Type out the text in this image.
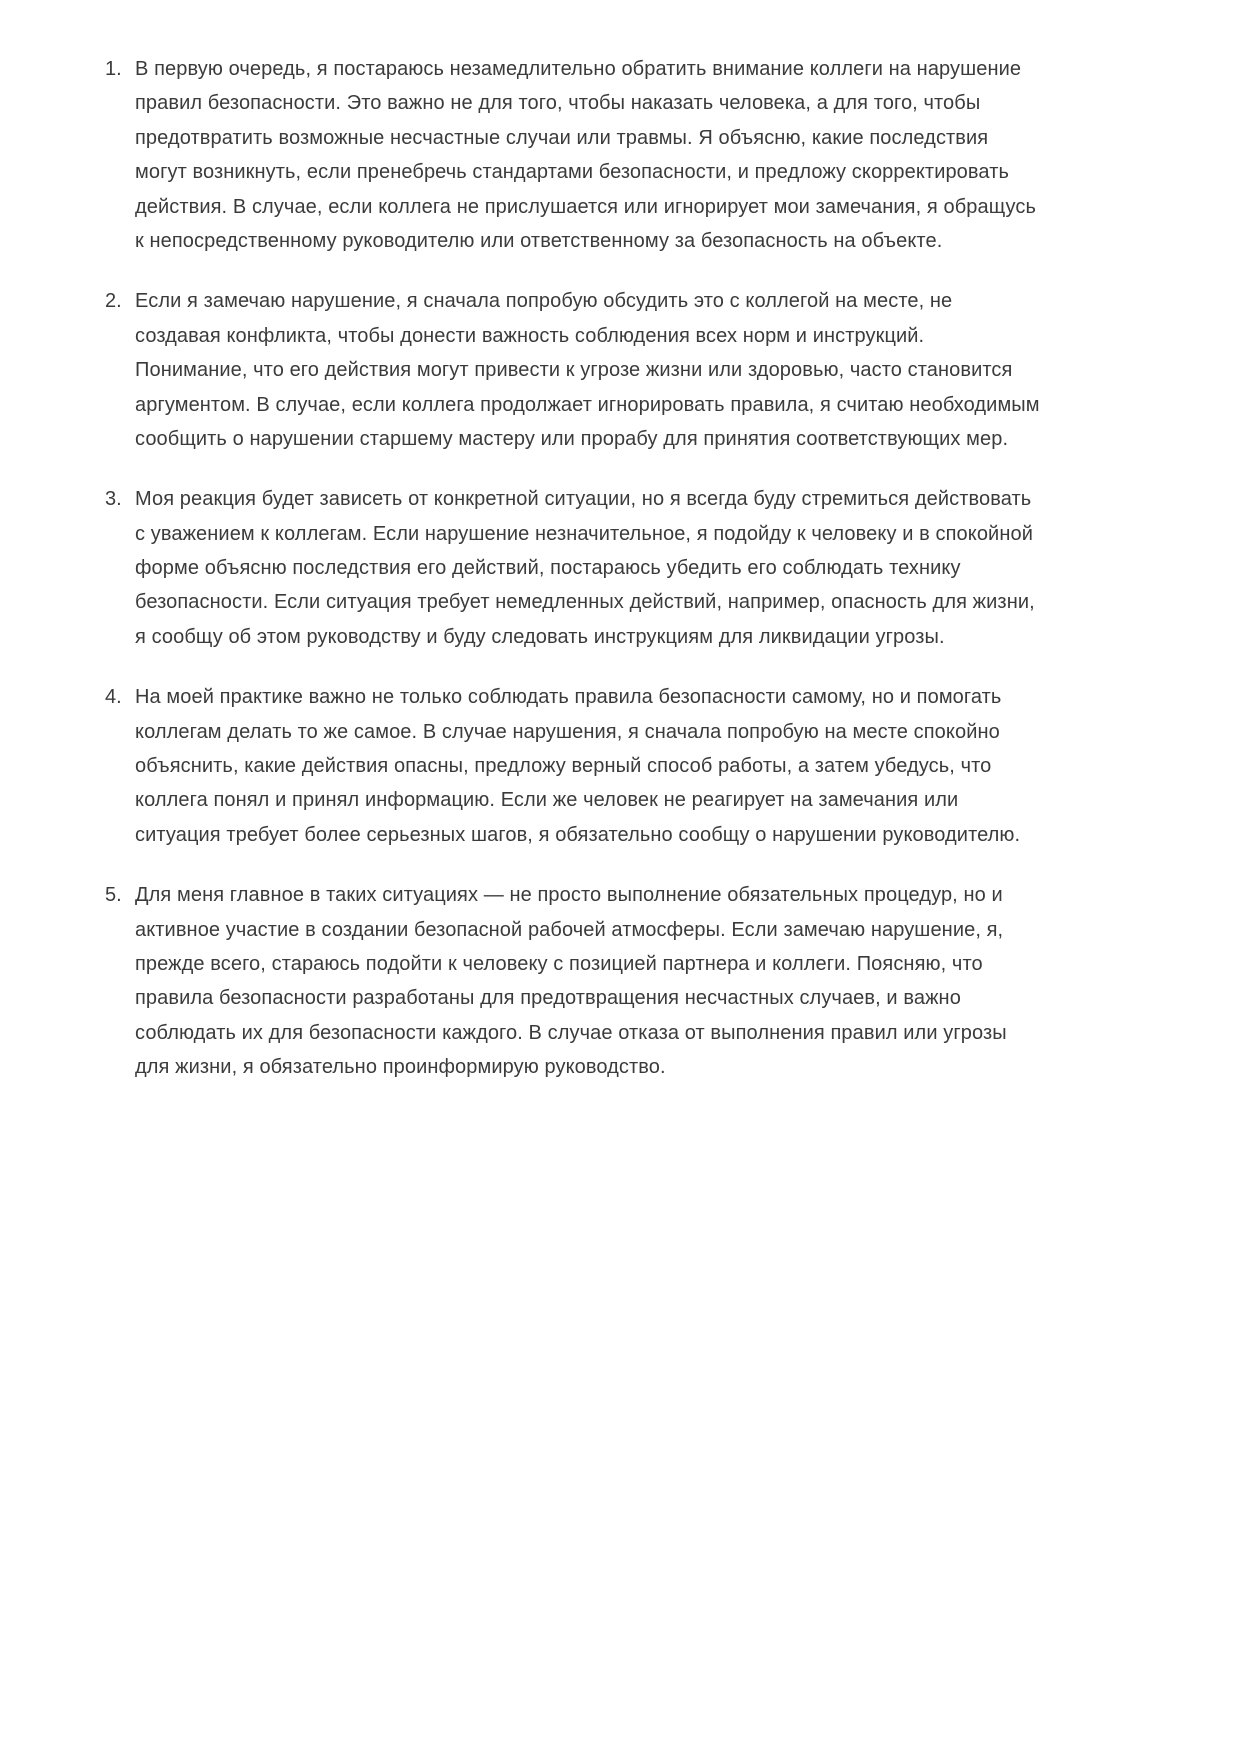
1. В первую очередь, я постараюсь незамедлительно обратить внимание коллеги на нарушение правил безопасности. Это важно не для того, чтобы наказать человека, а для того, чтобы предотвратить возможные несчастные случаи или травмы. Я объясню, какие последствия могут возникнуть, если пренебречь стандартами безопасности, и предложу скорректировать действия. В случае, если коллега не прислушается или игнорирует мои замечания, я обращусь к непосредственному руководителю или ответственному за безопасность на объекте.
2. Если я замечаю нарушение, я сначала попробую обсудить это с коллегой на месте, не создавая конфликта, чтобы донести важность соблюдения всех норм и инструкций. Понимание, что его действия могут привести к угрозе жизни или здоровью, часто становится аргументом. В случае, если коллега продолжает игнорировать правила, я считаю необходимым сообщить о нарушении старшему мастеру или прорабу для принятия соответствующих мер.
3. Моя реакция будет зависеть от конкретной ситуации, но я всегда буду стремиться действовать с уважением к коллегам. Если нарушение незначительное, я подойду к человеку и в спокойной форме объясню последствия его действий, постараюсь убедить его соблюдать технику безопасности. Если ситуация требует немедленных действий, например, опасность для жизни, я сообщу об этом руководству и буду следовать инструкциям для ликвидации угрозы.
4. На моей практике важно не только соблюдать правила безопасности самому, но и помогать коллегам делать то же самое. В случае нарушения, я сначала попробую на месте спокойно объяснить, какие действия опасны, предложу верный способ работы, а затем убедусь, что коллега понял и принял информацию. Если же человек не реагирует на замечания или ситуация требует более серьезных шагов, я обязательно сообщу о нарушении руководителю.
5. Для меня главное в таких ситуациях — не просто выполнение обязательных процедур, но и активное участие в создании безопасной рабочей атмосферы. Если замечаю нарушение, я, прежде всего, стараюсь подойти к человеку с позицией партнера и коллеги. Поясняю, что правила безопасности разработаны для предотвращения несчастных случаев, и важно соблюдать их для безопасности каждого. В случае отказа от выполнения правил или угрозы для жизни, я обязательно проинформирую руководство.
